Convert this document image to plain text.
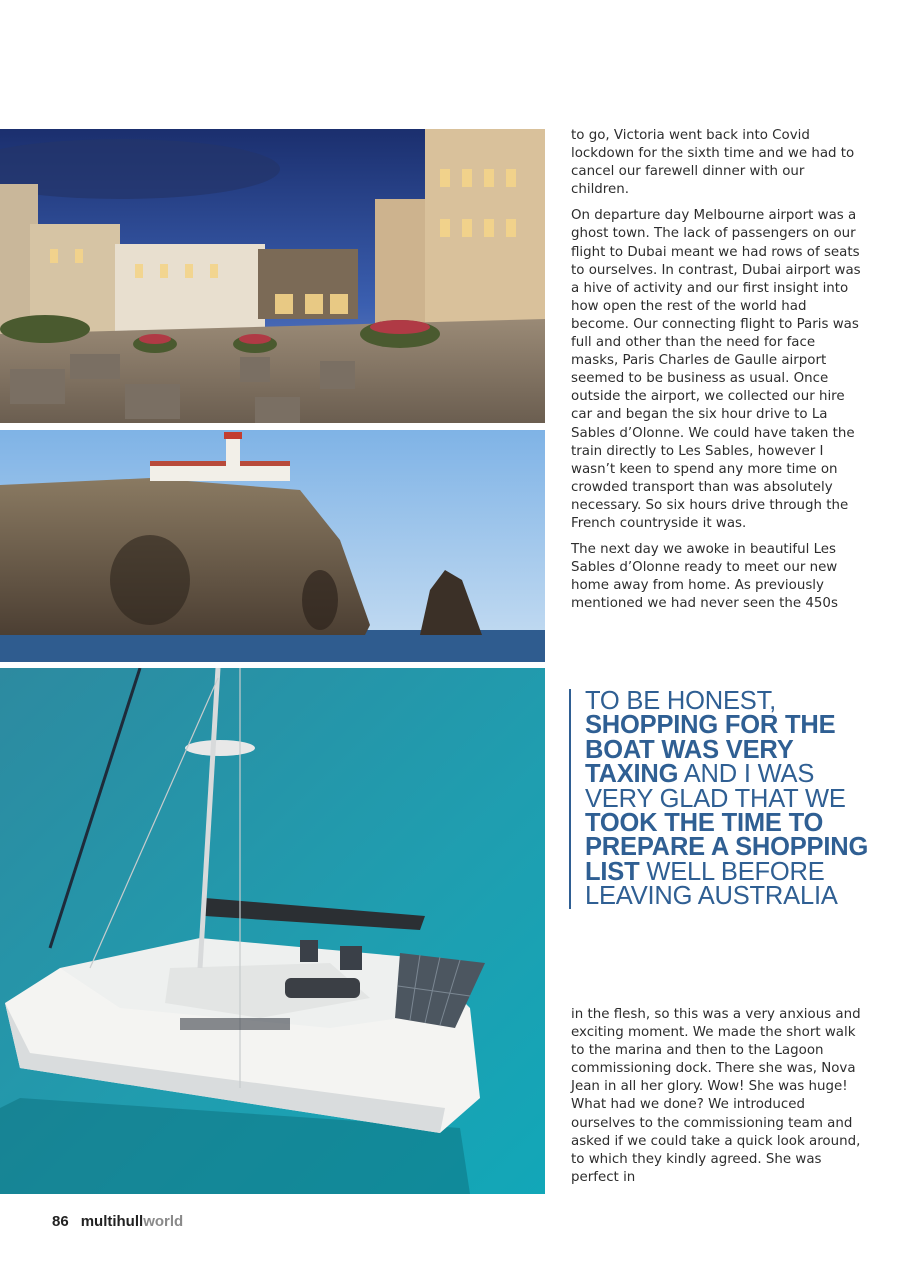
to go, Victoria went back into Covid lockdown for the sixth time and we had to cancel our farewell dinner with our children.

On departure day Melbourne airport was a ghost town. The lack of passengers on our flight to Dubai meant we had rows of seats to ourselves. In contrast, Dubai airport was a hive of activity and our first insight into how open the rest of the world had become. Our connecting flight to Paris was full and other than the need for face masks, Paris Charles de Gaulle airport seemed to be business as usual. Once outside the airport, we collected our hire car and began the six hour drive to La Sables d’Olonne. We could have taken the train directly to Les Sables, however I wasn’t keen to spend any more time on crowded transport than was absolutely necessary. So six hours drive through the French countryside it was.

The next day we awoke in beautiful Les Sables d’Olonne ready to meet our new home away from home. As previously mentioned we had never seen the 450s

TO BE HONEST, SHOPPING FOR THE BOAT WAS VERY TAXING AND I WAS VERY GLAD THAT WE TOOK THE TIME TO PREPARE A SHOPPING LIST WELL BEFORE LEAVING AUSTRALIA

in the flesh, so this was a very anxious and exciting moment. We made the short walk to the marina and then to the Lagoon commissioning dock. There she was, Nova Jean in all her glory. Wow! She was huge! What had we done? We introduced ourselves to the commissioning team and asked if we could take a quick look around, to which they kindly agreed. She was perfect in

86 multihullworld
